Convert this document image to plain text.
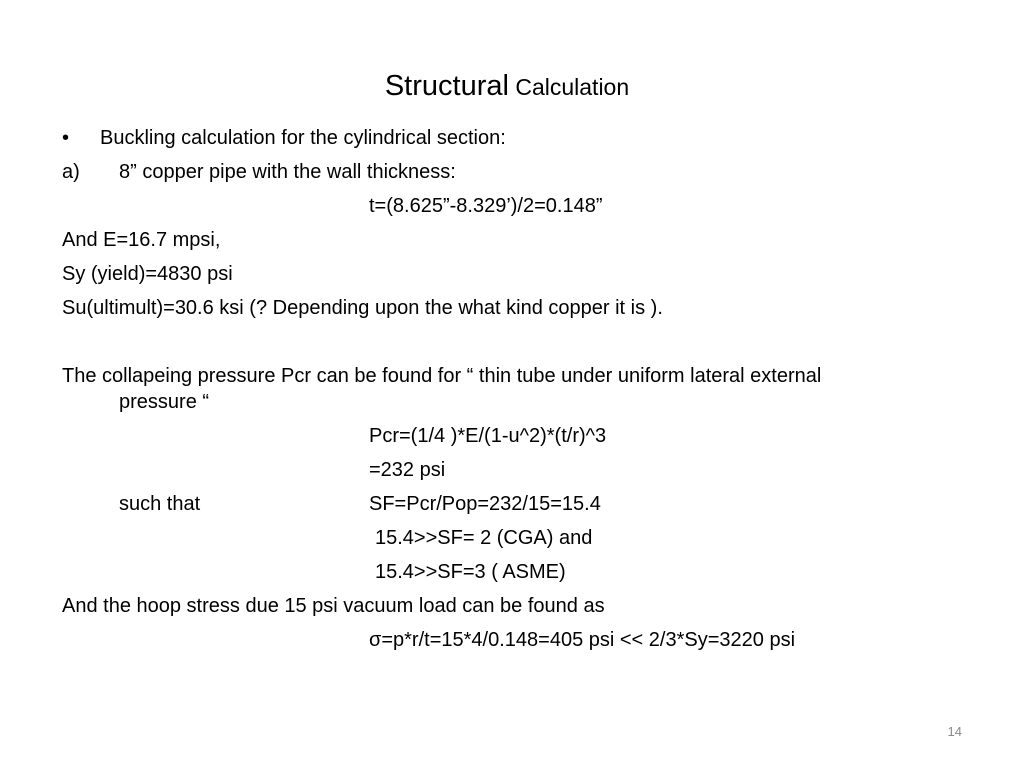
Structural Calculation
• Buckling calculation for the cylindrical section:
a) 8” copper pipe with the wall thickness:
t=(8.625”-8.329’)/2=0.148”
And E=16.7 mpsi,
Sy (yield)=4830 psi
Su(ultimult)=30.6 ksi (? Depending upon the what kind copper it is ).
The collapeing pressure Pcr can be found for “ thin tube under uniform lateral external
pressure “
Pcr=(1/4 )*E/(1-u^2)*(t/r)^3
=232 psi
such that	SF=Pcr/Pop=232/15=15.4
15.4>>SF= 2 (CGA) and
15.4>>SF=3 ( ASME)
And the hoop stress due 15 psi vacuum load can be found as
σ=p*r/t=15*4/0.148=405 psi << 2/3*Sy=3220 psi
14
